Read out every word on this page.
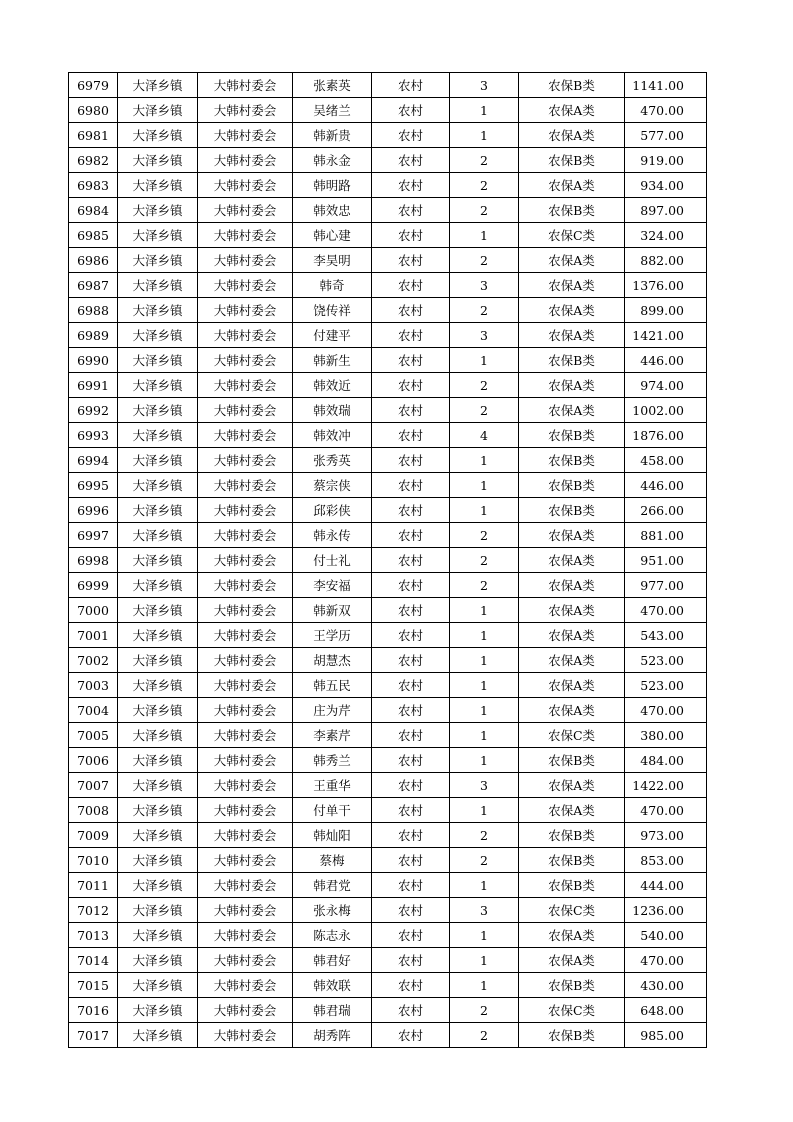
6979	大泽乡镇	大韩村委会	张素英	农村	3	农保B类	1141.00
6980	大泽乡镇	大韩村委会	吴绪兰	农村	1	农保A类	470.00
6981	大泽乡镇	大韩村委会	韩新贵	农村	1	农保A类	577.00
6982	大泽乡镇	大韩村委会	韩永金	农村	2	农保B类	919.00
6983	大泽乡镇	大韩村委会	韩明路	农村	2	农保A类	934.00
6984	大泽乡镇	大韩村委会	韩效忠	农村	2	农保B类	897.00
6985	大泽乡镇	大韩村委会	韩心建	农村	1	农保C类	324.00
6986	大泽乡镇	大韩村委会	李昊明	农村	2	农保A类	882.00
6987	大泽乡镇	大韩村委会	韩奇	农村	3	农保A类	1376.00
6988	大泽乡镇	大韩村委会	饶传祥	农村	2	农保A类	899.00
6989	大泽乡镇	大韩村委会	付建平	农村	3	农保A类	1421.00
6990	大泽乡镇	大韩村委会	韩新生	农村	1	农保B类	446.00
6991	大泽乡镇	大韩村委会	韩效近	农村	2	农保A类	974.00
6992	大泽乡镇	大韩村委会	韩效瑞	农村	2	农保A类	1002.00
6993	大泽乡镇	大韩村委会	韩效冲	农村	4	农保B类	1876.00
6994	大泽乡镇	大韩村委会	张秀英	农村	1	农保B类	458.00
6995	大泽乡镇	大韩村委会	蔡宗侠	农村	1	农保B类	446.00
6996	大泽乡镇	大韩村委会	邱彩侠	农村	1	农保B类	266.00
6997	大泽乡镇	大韩村委会	韩永传	农村	2	农保A类	881.00
6998	大泽乡镇	大韩村委会	付士礼	农村	2	农保A类	951.00
6999	大泽乡镇	大韩村委会	李安福	农村	2	农保A类	977.00
7000	大泽乡镇	大韩村委会	韩新双	农村	1	农保A类	470.00
7001	大泽乡镇	大韩村委会	王学历	农村	1	农保A类	543.00
7002	大泽乡镇	大韩村委会	胡慧杰	农村	1	农保A类	523.00
7003	大泽乡镇	大韩村委会	韩五民	农村	1	农保A类	523.00
7004	大泽乡镇	大韩村委会	庄为芹	农村	1	农保A类	470.00
7005	大泽乡镇	大韩村委会	李素芹	农村	1	农保C类	380.00
7006	大泽乡镇	大韩村委会	韩秀兰	农村	1	农保B类	484.00
7007	大泽乡镇	大韩村委会	王重华	农村	3	农保A类	1422.00
7008	大泽乡镇	大韩村委会	付单干	农村	1	农保A类	470.00
7009	大泽乡镇	大韩村委会	韩灿阳	农村	2	农保B类	973.00
7010	大泽乡镇	大韩村委会	蔡梅	农村	2	农保B类	853.00
7011	大泽乡镇	大韩村委会	韩君党	农村	1	农保B类	444.00
7012	大泽乡镇	大韩村委会	张永梅	农村	3	农保C类	1236.00
7013	大泽乡镇	大韩村委会	陈志永	农村	1	农保A类	540.00
7014	大泽乡镇	大韩村委会	韩君好	农村	1	农保A类	470.00
7015	大泽乡镇	大韩村委会	韩效联	农村	1	农保B类	430.00
7016	大泽乡镇	大韩村委会	韩君瑞	农村	2	农保C类	648.00
7017	大泽乡镇	大韩村委会	胡秀阵	农村	2	农保B类	985.00
